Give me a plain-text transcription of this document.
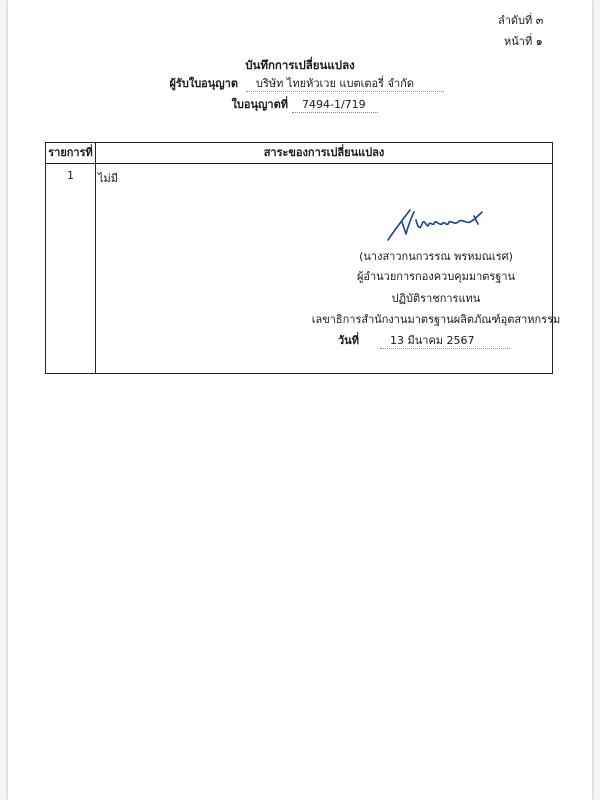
ลำดับที่ ๓
หน้าที่ ๑
บันทึกการเปลี่ยนแปลง
ผู้รับใบอนุญาต	บริษัท ไทยหัวเวย แบตเตอรี่ จำกัด
ใบอนุญาตที่	7494-1/719
รายการที่	สาระของการเปลี่ยนแปลง
1	ไม่มี
(นางสาวกนกวรรณ พรหมณเรศ)
ผู้อำนวยการกองควบคุมมาตรฐาน
ปฏิบัติราชการแทน
เลขาธิการสำนักงานมาตรฐานผลิตภัณฑ์อุตสาหกรรม
วันที่	13 มีนาคม 2567
